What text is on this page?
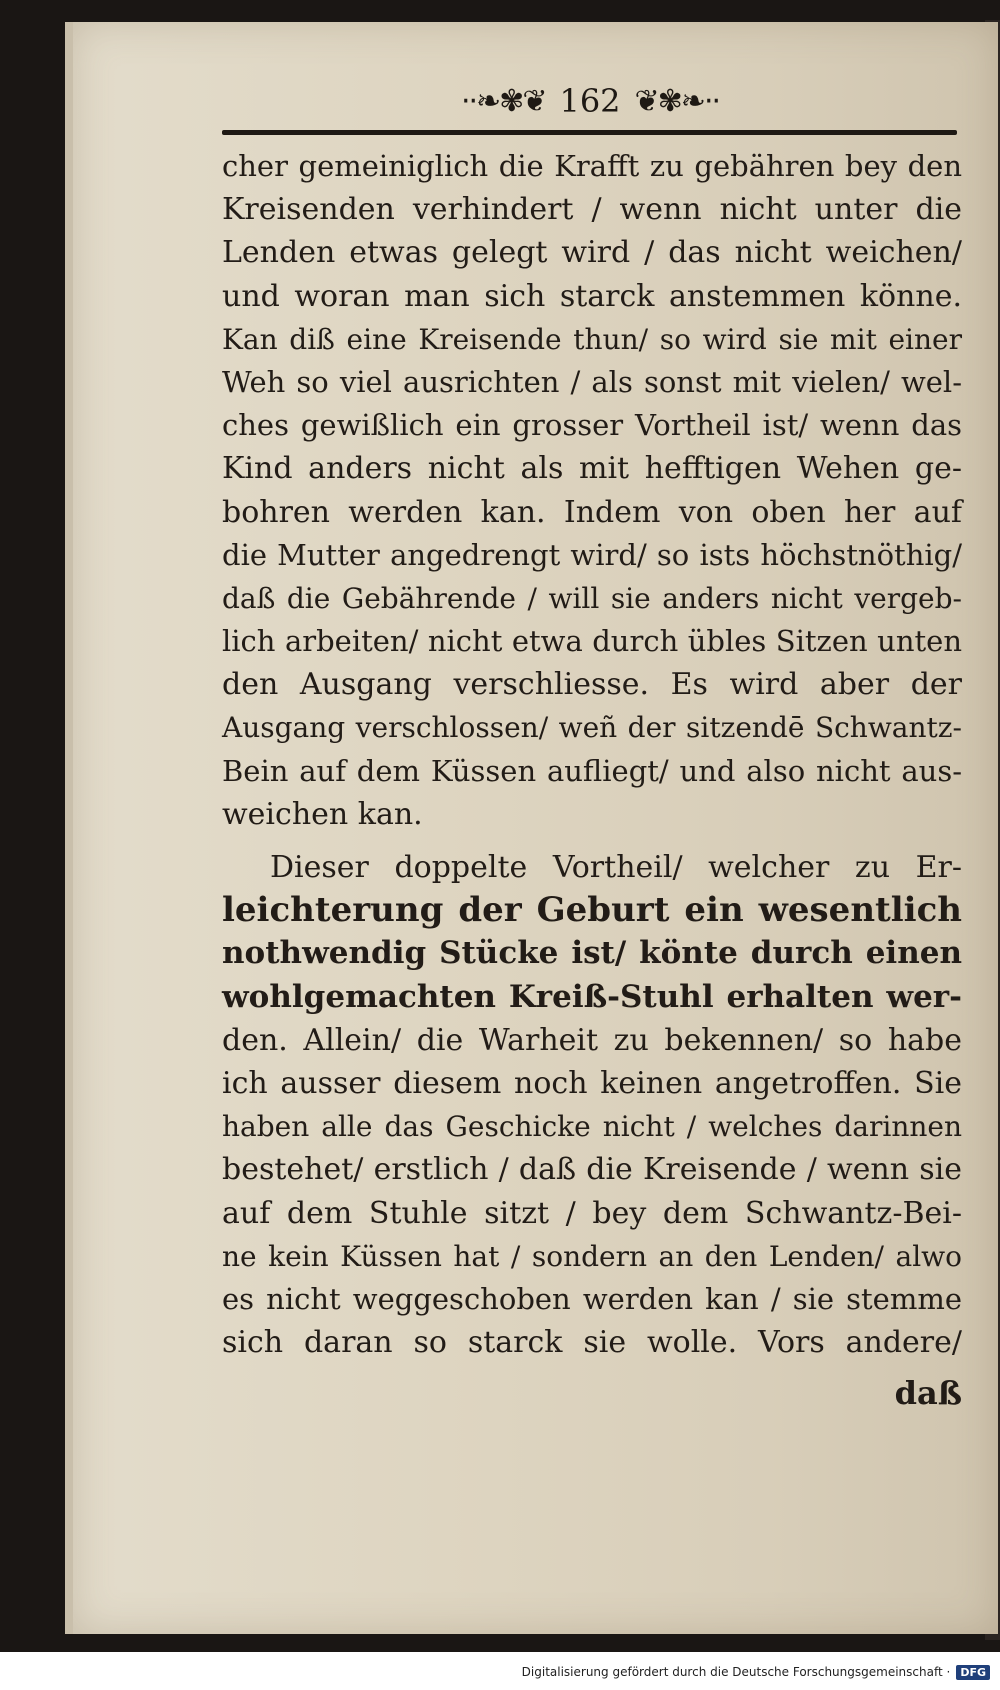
··❧✾❦ 162 ❦✾❧··
cher gemeiniglich die Krafft zu gebähren bey den
Kreisenden verhindert / wenn nicht unter die
Lenden etwas gelegt wird / das nicht weichen/
und woran man sich starck anstemmen könne.
Kan diß eine Kreisende thun/ so wird sie mit einer
Weh so viel ausrichten / als sonst mit vielen/ wel-
ches gewißlich ein grosser Vortheil ist/ wenn das
Kind anders nicht als mit hefftigen Wehen ge-
bohren werden kan. Indem von oben her auf
die Mutter angedrengt wird/ so ists höchstnöthig/
daß die Gebährende / will sie anders nicht vergeb-
lich arbeiten/ nicht etwa durch übles Sitzen unten
den Ausgang verschliesse. Es wird aber der
Ausgang verschlossen/ weñ der sitzendē Schwantz-
Bein auf dem Küssen aufliegt/ und also nicht aus-
weichen kan.
Dieser doppelte Vortheil/ welcher zu Er-
leichterung der Geburt ein wesentlich
nothwendig Stücke ist/ könte durch einen
wohlgemachten Kreiß-Stuhl erhalten wer-
den. Allein/ die Warheit zu bekennen/ so habe
ich ausser diesem noch keinen angetroffen. Sie
haben alle das Geschicke nicht / welches darinnen
bestehet/ erstlich / daß die Kreisende / wenn sie
auf dem Stuhle sitzt / bey dem Schwantz-Bei-
ne kein Küssen hat / sondern an den Lenden/ alwo
es nicht weggeschoben werden kan / sie stemme
sich daran so starck sie wolle. Vors andere/
daß
Digitalisierung gefördert durch die Deutsche Forschungsgemeinschaft · DFG
